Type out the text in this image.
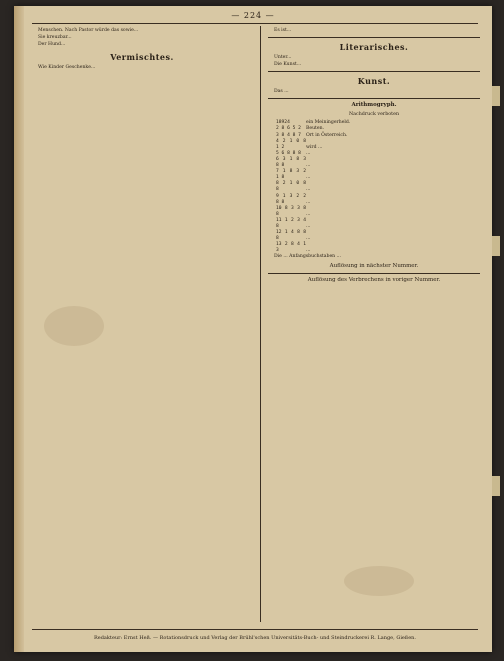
— 224 —

Menschen. Nach Pastor würde das sowie...

Sie kreuzbar...

Der Hund...

Vermischtes.

Wie Kinder Geschenke...

Es ist...

Literarisches.

Unter...

Die Kunst...

Kunst.

Das ...

Arithmogryph.

Nachdruck verboten

18924	ein Meiningerheld.
2 8 6 5 2 Beuten.
3 8 4 8 7 Ort in Österreich.
4 2 1 0 8 1 2	wird ...
5 6 8 8 8 ...
6 3 1 8 3 8 8	...
7 1 8 3 2 1 8	...
8 2 1 0 8 8	...
9 1 3 2 2 8 8	...
10 8 3 3 8 8	...
11 1 2 3 4 8	...
12 1 4 8 8 8	...
13 2 8 4 1 3	...

Die ... Anfangsbuchstaben ...

Auflösung in nächster Nummer.

Auflösung des Verbrechens in voriger Nummer.

Redakteur: Ernst Heß. — Rotationsdruck und Verlag der Brühl'schen Universitäts-Buch- und Steindruckerei R. Lange, Gießen.
